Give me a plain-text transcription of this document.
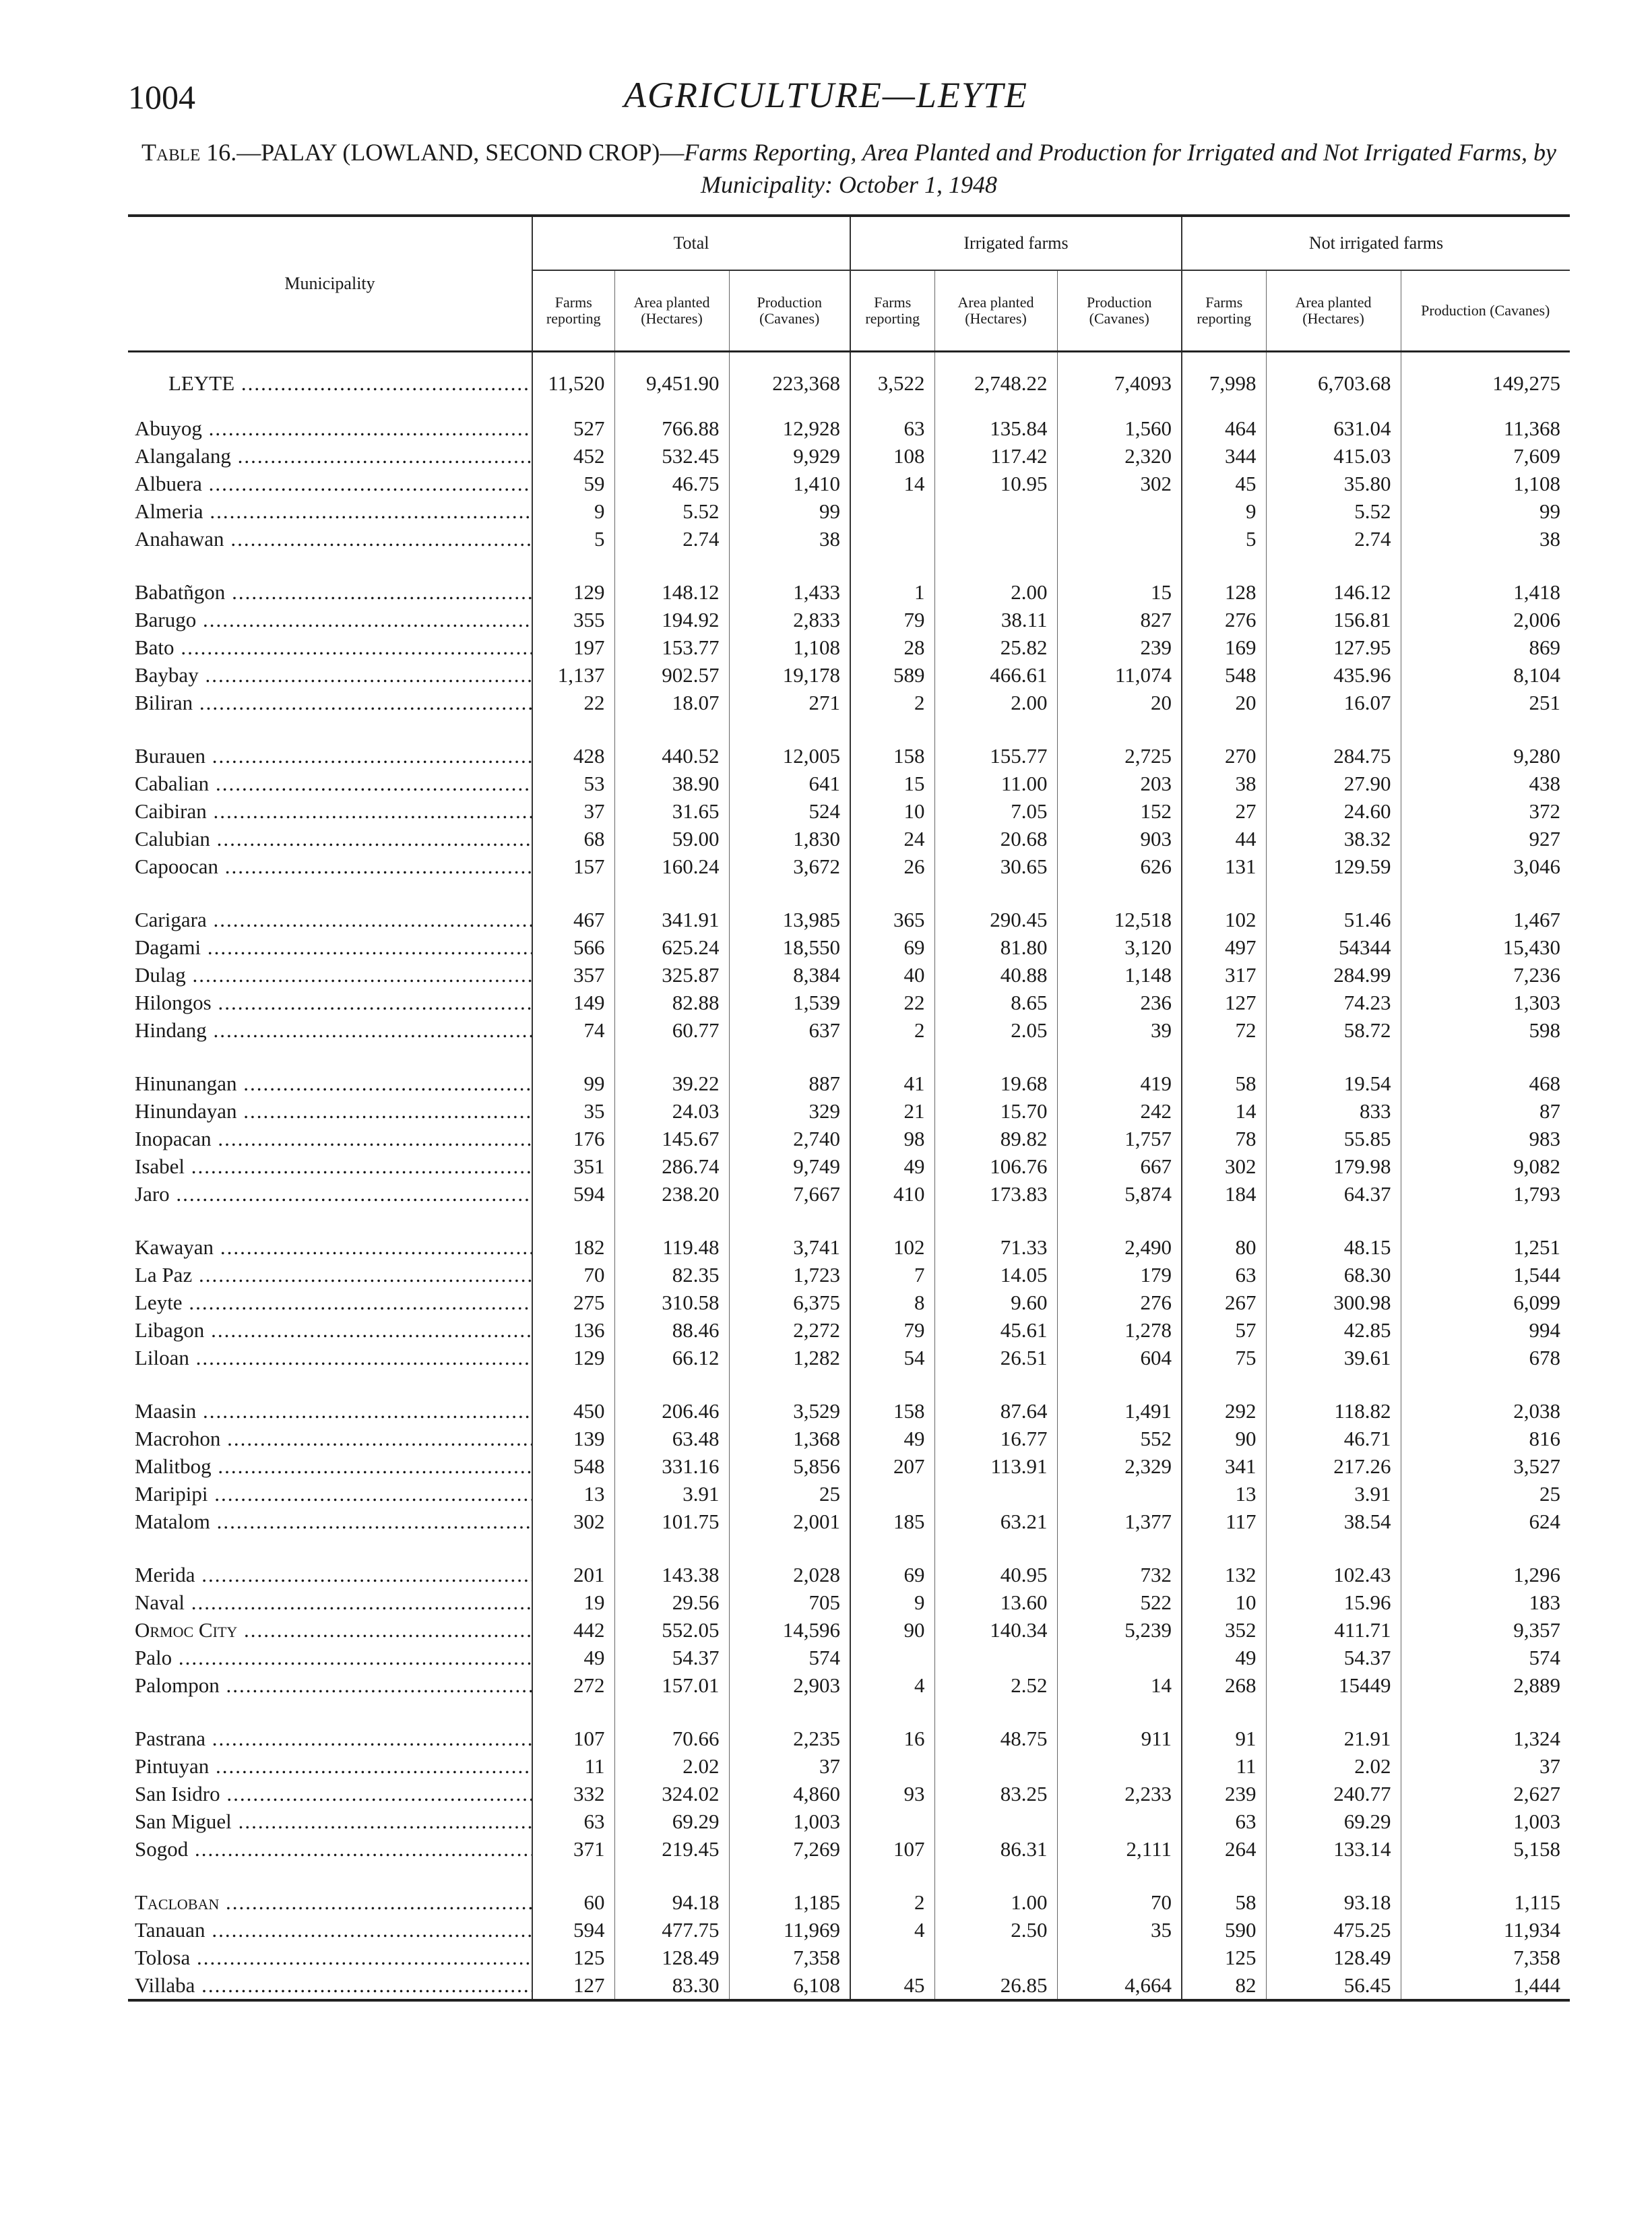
1004	AGRICULTURE—LEYTE
Table 16.—PALAY (LOWLAND, SECOND CROP)—Farms Reporting, Area Planted and Production for Irrigated and Not Irrigated Farms, by Municipality: October 1, 1948
Municipality	Total			Irrigated farms			Not irrigated farms		
	Farms reporting	Area planted (Hectares)	Production (Cavanes)	Farms reporting	Area planted (Hectares)	Production (Cavanes)	Farms reporting	Area planted (Hectares)	Production (Cavanes)
LEYTE .....	11,520	9,451.90	223,368	3,522	2,748.22	7,4093	7,998	6,703.68	149,275
Abuyog .....	527	766.88	12,928	63	135.84	1,560	464	631.04	11,368
Alangalang .....	452	532.45	9,929	108	117.42	2,320	344	415.03	7,609
Albuera .....	59	46.75	1,410	14	10.95	302	45	35.80	1,108
Almeria .....	9	5.52	99				9	5.52	99
Anahawan .....	5	2.74	38				5	2.74	38
Babatñgon .....	129	148.12	1,433	1	2.00	15	128	146.12	1,418
Barugo .....	355	194.92	2,833	79	38.11	827	276	156.81	2,006
Bato .....	197	153.77	1,108	28	25.82	239	169	127.95	869
Baybay .....	1,137	902.57	19,178	589	466.61	11,074	548	435.96	8,104
Biliran .....	22	18.07	271	2	2.00	20	20	16.07	251
Burauen .....	428	440.52	12,005	158	155.77	2,725	270	284.75	9,280
Cabalian .....	53	38.90	641	15	11.00	203	38	27.90	438
Caibiran .....	37	31.65	524	10	7.05	152	27	24.60	372
Calubian .....	68	59.00	1,830	24	20.68	903	44	38.32	927
Capoocan .....	157	160.24	3,672	26	30.65	626	131	129.59	3,046
Carigara .....	467	341.91	13,985	365	290.45	12,518	102	51.46	1,467
Dagami .....	566	625.24	18,550	69	81.80	3,120	497	54344	15,430
Dulag .....	357	325.87	8,384	40	40.88	1,148	317	284.99	7,236
Hilongos .....	149	82.88	1,539	22	8.65	236	127	74.23	1,303
Hindang .....	74	60.77	637	2	2.05	39	72	58.72	598
Hinunangan .....	99	39.22	887	41	19.68	419	58	19.54	468
Hinundayan .....	35	24.03	329	21	15.70	242	14	833	87
Inopacan .....	176	145.67	2,740	98	89.82	1,757	78	55.85	983
Isabel .....	351	286.74	9,749	49	106.76	667	302	179.98	9,082
Jaro .....	594	238.20	7,667	410	173.83	5,874	184	64.37	1,793
Kawayan .....	182	119.48	3,741	102	71.33	2,490	80	48.15	1,251
La Paz .....	70	82.35	1,723	7	14.05	179	63	68.30	1,544
Leyte .....	275	310.58	6,375	8	9.60	276	267	300.98	6,099
Libagon .....	136	88.46	2,272	79	45.61	1,278	57	42.85	994
Liloan .....	129	66.12	1,282	54	26.51	604	75	39.61	678
Maasin .....	450	206.46	3,529	158	87.64	1,491	292	118.82	2,038
Macrohon .....	139	63.48	1,368	49	16.77	552	90	46.71	816
Malitbog .....	548	331.16	5,856	207	113.91	2,329	341	217.26	3,527
Maripipi .....	13	3.91	25				13	3.91	25
Matalom .....	302	101.75	2,001	185	63.21	1,377	117	38.54	624
Merida .....	201	143.38	2,028	69	40.95	732	132	102.43	1,296
Naval .....	19	29.56	705	9	13.60	522	10	15.96	183
Ormoc City .....	442	552.05	14,596	90	140.34	5,239	352	411.71	9,357
Palo .....	49	54.37	574				49	54.37	574
Palompon .....	272	157.01	2,903	4	2.52	14	268	15449	2,889
Pastrana .....	107	70.66	2,235	16	48.75	911	91	21.91	1,324
Pintuyan .....	11	2.02	37				11	2.02	37
San Isidro .....	332	324.02	4,860	93	83.25	2,233	239	240.77	2,627
San Miguel .....	63	69.29	1,003				63	69.29	1,003
Sogod .....	371	219.45	7,269	107	86.31	2,111	264	133.14	5,158
Tacloban .....	60	94.18	1,185	2	1.00	70	58	93.18	1,115
Tanauan .....	594	477.75	11,969	4	2.50	35	590	475.25	11,934
Tolosa .....	125	128.49	7,358				125	128.49	7,358
Villaba .....	127	83.30	6,108	45	26.85	4,664	82	56.45	1,444
